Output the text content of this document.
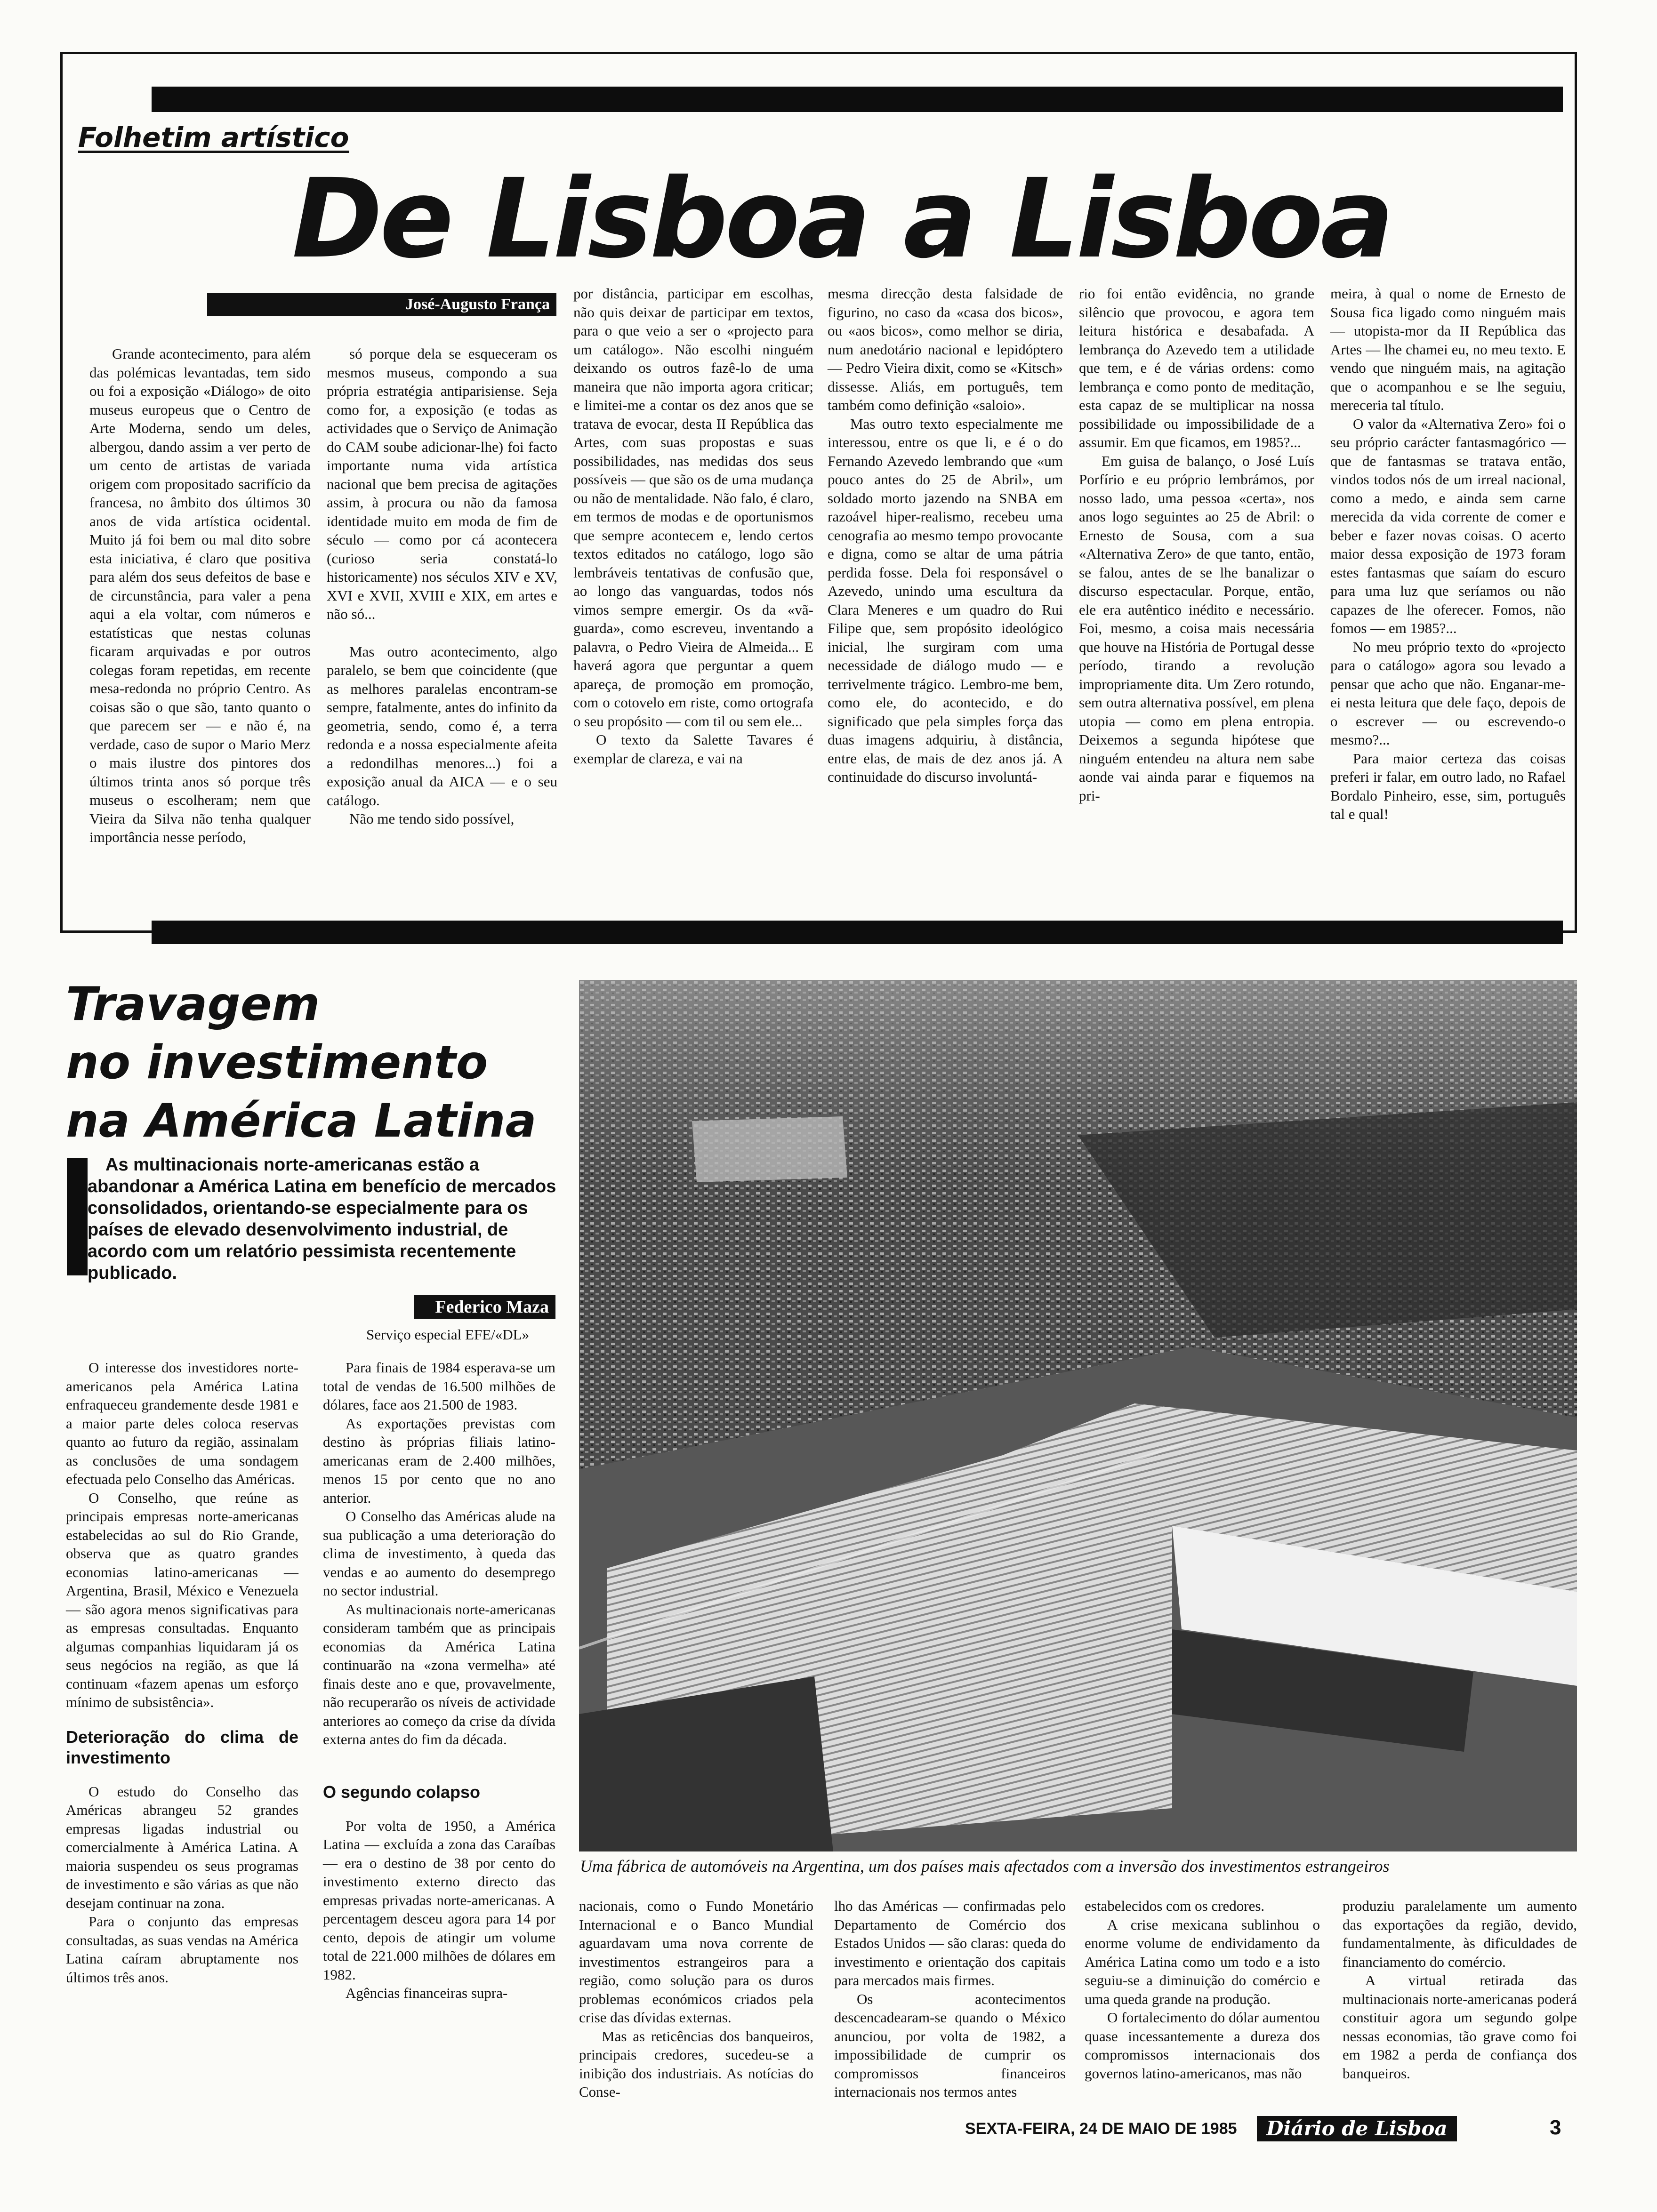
Folhetim artístico
De Lisboa a Lisboa
José-Augusto França

Grande acontecimento, para além das polémicas levantadas, tem sido ou foi a exposição «Diálogo» de oito museus europeus que o Centro de Arte Moderna, sendo um deles, albergou, dando assim a ver perto de um cento de artistas de variada origem com propositado sacrifício da francesa, no âmbito dos últimos 30 anos de vida artística ocidental. Muito já foi bem ou mal dito sobre esta iniciativa, é claro que positiva para além dos seus defeitos de base e de circunstância, para valer a pena aqui a ela voltar, com números e estatísticas que nestas colunas ficaram arquivadas e por outros colegas foram repetidas, em recente mesa-redonda no próprio Centro. As coisas são o que são, tanto quanto o que parecem ser — e não é, na verdade, caso de supor o Mario Merz o mais ilustre dos pintores dos últimos trinta anos só porque três museus o escolheram; nem que Vieira da Silva não tenha qualquer importância nesse período,

só porque dela se esqueceram os mesmos museus, compondo a sua própria estratégia antiparisiense. Seja como for, a exposição (e todas as actividades que o Serviço de Animação do CAM soube adicionar-lhe) foi facto importante numa vida artística nacional que bem precisa de agitações assim, à procura ou não da famosa identidade muito em moda de fim de século — como por cá acontecera (curioso seria constatá-lo historicamente) nos séculos XIV e XV, XVI e XVII, XVIII e XIX, em artes e não só...

Mas outro acontecimento, algo paralelo, se bem que coincidente (que as melhores paralelas encontram-se sempre, fatalmente, antes do infinito da geometria, sendo, como é, a terra redonda e a nossa especialmente afeita a redondilhas menores...) foi a exposição anual da AICA — e o seu catálogo.

Não me tendo sido possível,

por distância, participar em escolhas, não quis deixar de participar em textos, para o que veio a ser o «projecto para um catálogo». Não escolhi ninguém deixando os outros fazê-lo de uma maneira que não importa agora criticar; e limitei-me a contar os dez anos que se tratava de evocar, desta II República das Artes, com suas propostas e suas possibilidades, nas medidas dos seus possíveis — que são os de uma mudança ou não de mentalidade. Não falo, é claro, em termos de modas e de oportunismos que sempre acontecem e, lendo certos textos editados no catálogo, logo são lembráveis tentativas de confusão que, ao longo das vanguardas, todos nós vimos sempre emergir. Os da «vã-guarda», como escreveu, inventando a palavra, o Pedro Vieira de Almeida... E haverá agora que perguntar a quem apareça, de promoção em promoção, com o cotovelo em riste, como ortografa o seu propósito — com til ou sem ele...

O texto da Salette Tavares é exemplar de clareza, e vai na

mesma direcção desta falsidade de figurino, no caso da «casa dos bicos», ou «aos bicos», como melhor se diria, num anedotário nacional e lepidóptero — Pedro Vieira dixit, como se «Kitsch» dissesse. Aliás, em português, tem também como definição «saloio».

Mas outro texto especialmente me interessou, entre os que li, e é o do Fernando Azevedo lembrando que «um pouco antes do 25 de Abril», um soldado morto jazendo na SNBA em razoável hiper-realismo, recebeu uma cenografia ao mesmo tempo provocante e digna, como se altar de uma pátria perdida fosse. Dela foi responsável o Azevedo, unindo uma escultura da Clara Meneres e um quadro do Rui Filipe que, sem propósito ideológico inicial, lhe surgiram com uma necessidade de diálogo mudo — e terrivelmente trágico. Lembro-me bem, como ele, do acontecido, e do significado que pela simples força das duas imagens adquiriu, à distância, entre elas, de mais de dez anos já. A continuidade do discurso involuntá-

rio foi então evidência, no grande silêncio que provocou, e agora tem leitura histórica e desabafada. A lembrança do Azevedo tem a utilidade que tem, e é de várias ordens: como lembrança e como ponto de meditação, esta capaz de se multiplicar na nossa possibilidade ou impossibilidade de a assumir. Em que ficamos, em 1985?...

Em guisa de balanço, o José Luís Porfírio e eu próprio lembrámos, por nosso lado, uma pessoa «certa», nos anos logo seguintes ao 25 de Abril: o Ernesto de Sousa, com a sua «Alternativa Zero» de que tanto, então, se falou, antes de se lhe banalizar o discurso espectacular. Porque, então, ele era autêntico inédito e necessário. Foi, mesmo, a coisa mais necessária que houve na História de Portugal desse período, tirando a revolução impropriamente dita. Um Zero rotundo, sem outra alternativa possível, em plena utopia — como em plena entropia. Deixemos a segunda hipótese que ninguém entendeu na altura nem sabe aonde vai ainda parar e fiquemos na pri-

meira, à qual o nome de Ernesto de Sousa fica ligado como ninguém mais — utopista-mor da II República das Artes — lhe chamei eu, no meu texto. E vendo que ninguém mais, na agitação que o acompanhou e se lhe seguiu, mereceria tal título.

O valor da «Alternativa Zero» foi o seu próprio carácter fantasmagórico — que de fantasmas se tratava então, vindos todos nós de um irreal nacional, como a medo, e ainda sem carne merecida da vida corrente de comer e beber e fazer novas coisas. O acerto maior dessa exposição de 1973 foram estes fantasmas que saíam do escuro para uma luz que seríamos ou não capazes de lhe oferecer. Fomos, não fomos — em 1985?...

No meu próprio texto do «projecto para o catálogo» agora sou levado a pensar que acho que não. Enganar-me-ei nesta leitura que dele faço, depois de o escrever — ou escrevendo-o mesmo?...

Para maior certeza das coisas preferi ir falar, em outro lado, no Rafael Bordalo Pinheiro, esse, sim, português tal e qual!

Travagem
no investimento
na América Latina
As multinacionais norte-americanas estão a abandonar a América Latina em benefício de mercados consolidados, orientando-se especialmente para os países de elevado desenvolvimento industrial, de acordo com um relatório pessimista recentemente publicado.
Federico Maza
Serviço especial EFE/«DL»

O interesse dos investidores norte-americanos pela América Latina enfraqueceu grandemente desde 1981 e a maior parte deles coloca reservas quanto ao futuro da região, assinalam as conclusões de uma sondagem efectuada pelo Conselho das Américas.

O Conselho, que reúne as principais empresas norte-americanas estabelecidas ao sul do Rio Grande, observa que as quatro grandes economias latino-americanas — Argentina, Brasil, México e Venezuela — são agora menos significativas para as empresas consultadas. Enquanto algumas companhias liquidaram já os seus negócios na região, as que lá continuam «fazem apenas um esforço mínimo de subsistência».

Deterioração do clima de investimento

O estudo do Conselho das Américas abrangeu 52 grandes empresas ligadas industrial ou comercialmente à América Latina. A maioria suspendeu os seus programas de investimento e são várias as que não desejam continuar na zona.

Para o conjunto das empresas consultadas, as suas vendas na América Latina caíram abruptamente nos últimos três anos.

Para finais de 1984 esperava-se um total de vendas de 16.500 milhões de dólares, face aos 21.500 de 1983.

As exportações previstas com destino às próprias filiais latino-americanas eram de 2.400 milhões, menos 15 por cento que no ano anterior.

O Conselho das Américas alude na sua publicação a uma deterioração do clima de investimento, à queda das vendas e ao aumento do desemprego no sector industrial.

As multinacionais norte-americanas consideram também que as principais economias da América Latina continuarão na «zona vermelha» até finais deste ano e que, provavelmente, não recuperarão os níveis de actividade anteriores ao começo da crise da dívida externa antes do fim da década.

O segundo colapso

Por volta de 1950, a América Latina — excluída a zona das Caraíbas — era o destino de 38 por cento do investimento externo directo das empresas privadas norte-americanas. A percentagem desceu agora para 14 por cento, depois de atingir um volume total de 221.000 milhões de dólares em 1982.

Agências financeiras supra-

Uma fábrica de automóveis na Argentina, um dos países mais afectados com a inversão dos investimentos estrangeiros

nacionais, como o Fundo Monetário Internacional e o Banco Mundial aguardavam uma nova corrente de investimentos estrangeiros para a região, como solução para os duros problemas económicos criados pela crise das dívidas externas.

Mas as reticências dos banqueiros, principais credores, sucedeu-se a inibição dos industriais. As notícias do Conse-

lho das Américas — confirmadas pelo Departamento de Comércio dos Estados Unidos — são claras: queda do investimento e orientação dos capitais para mercados mais firmes.

Os acontecimentos descencadearam-se quando o México anunciou, por volta de 1982, a impossibilidade de cumprir os compromissos financeiros internacionais nos termos antes

estabelecidos com os credores.

A crise mexicana sublinhou o enorme volume de endividamento da América Latina como um todo e a isto seguiu-se a diminuição do comércio e uma queda grande na produção.

O fortalecimento do dólar aumentou quase incessantemente a dureza dos compromissos internacionais dos governos latino-americanos, mas não

produziu paralelamente um aumento das exportações da região, devido, fundamentalmente, às dificuldades de financiamento do comércio.

A virtual retirada das multinacionais norte-americanas poderá constituir agora um segundo golpe nessas economias, tão grave como foi em 1982 a perda de confiança dos banqueiros.

SEXTA-FEIRA, 24 DE MAIO DE 1985	Diário de Lisboa	3
